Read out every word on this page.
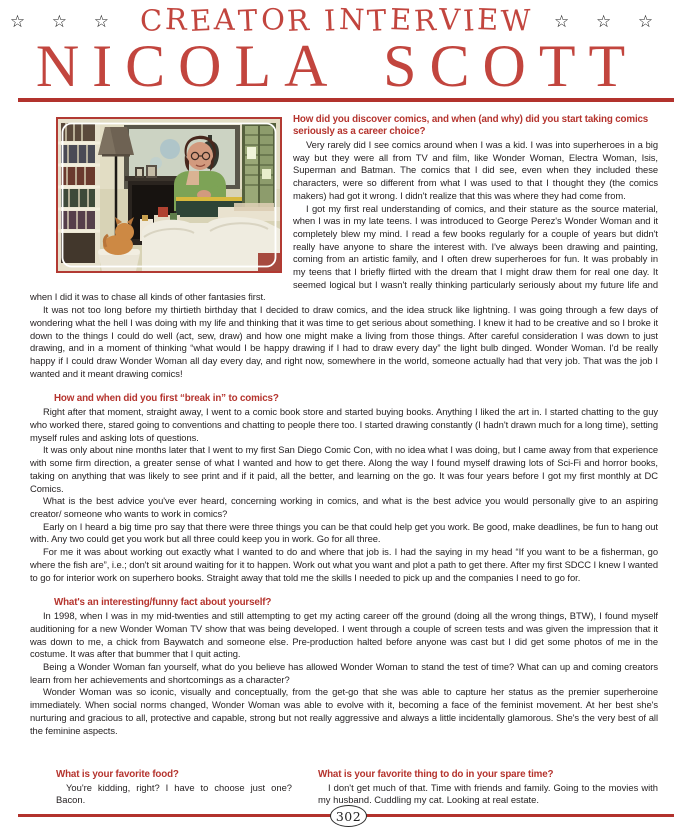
☆ ☆ ☆ CREATOR INTERVIEW ☆ ☆ ☆
NICOLA SCOTT
How did you discover comics, and when (and why) did you start taking comics seriously as a career choice?

Very rarely did I see comics around when I was a kid. I was into superheroes in a big way but they were all from TV and film, like Wonder Woman, Electra Woman, Isis, Superman and Batman. The comics that I did see, even when they included these characters, were so different from what I was used to that I thought they (the comics makers) had got it wrong. I didn't realize that this was where they had come from.

I got my first real understanding of comics, and their stature as the source material, when I was in my late teens. I was introduced to George Perez's Wonder Woman and it completely blew my mind. I read a few books regularly for a couple of years but didn't really have anyone to share the interest with. I've always been drawing and painting, coming from an artistic family, and I often drew superheroes for fun. It was probably in my teens that I briefly flirted with the dream that I might draw them for real one day. It seemed logical but I wasn't really thinking particularly seriously about my future life and when I did it was to chase all kinds of other fantasies first.

It was not too long before my thirtieth birthday that I decided to draw comics, and the idea struck like lightning. I was going through a few days of wondering what the hell I was doing with my life and thinking that it was time to get serious about something. I knew it had to be creative and so I broke it down to the things I could do well (act, sew, draw) and how one might make a living from those things. After careful consideration I was down to just drawing, and in a moment of thinking “what would I be happy drawing if I had to draw every day” the light bulb dinged. Wonder Woman. I'd be really happy if I could draw Wonder Woman all day every day, and right now, somewhere in the world, someone actually had that very job. That was the job I wanted and it meant drawing comics!

How and when did you first “break in” to comics?

Right after that moment, straight away, I went to a comic book store and started buying books. Anything I liked the art in. I started chatting to the guy who worked there, stared going to conventions and chatting to people there too. I started drawing constantly (I hadn't drawn much for a long time), setting myself rules and asking lots of questions.

It was only about nine months later that I went to my first San Diego Comic Con, with no idea what I was doing, but I came away from that experience with some firm direction, a greater sense of what I wanted and how to get there. Along the way I found myself drawing lots of Sci-Fi and horror books, taking on anything that was likely to see print and if it paid, all the better, and learning on the go. It was four years before I got my first monthly at DC Comics.

What is the best advice you've ever heard, concerning working in comics, and what is the best advice you would personally give to an aspiring creator/ someone who wants to work in comics?

Early on I heard a big time pro say that there were three things you can be that could help get you work. Be good, make deadlines, be fun to hang out with. Any two could get you work but all three could keep you in work. Go for all three.

For me it was about working out exactly what I wanted to do and where that job is. I had the saying in my head “If you want to be a fisherman, go where the fish are”, i.e.; don't sit around waiting for it to happen. Work out what you want and plot a path to get there. After my first SDCC I knew I wanted to go for interior work on superhero books. Straight away that told me the skills I needed to pick up and the companies I need to go for.

What's an interesting/funny fact about yourself?

In 1998, when I was in my mid-twenties and still attempting to get my acting career off the ground (doing all the wrong things, BTW), I found myself auditioning for a new Wonder Woman TV show that was being developed. I went through a couple of screen tests and was given the impression that it was down to me, a chick from Baywatch and someone else. Pre-production halted before anyone was cast but I did get some photos of me in the costume. It was after that bummer that I quit acting.

Being a Wonder Woman fan yourself, what do you believe has allowed Wonder Woman to stand the test of time? What can up and coming creators learn from her achievements and shortcomings as a character?

Wonder Woman was so iconic, visually and conceptually, from the get-go that she was able to capture her status as the premier superheroine immediately. When social norms changed, Wonder Woman was able to evolve with it, becoming a face of the feminist movement. At her best she's nurturing and gracious to all, protective and capable, strong but not really aggressive and always a little incidentally glamorous. She's the very best of all the feminine aspects.

What is your favorite food?

You're kidding, right? I have to choose just one? Bacon.

What is your favorite thing to do in your spare time?

I don't get much of that. Time with friends and family. Going to the movies with my husband. Cuddling my cat. Looking at real estate.

302
